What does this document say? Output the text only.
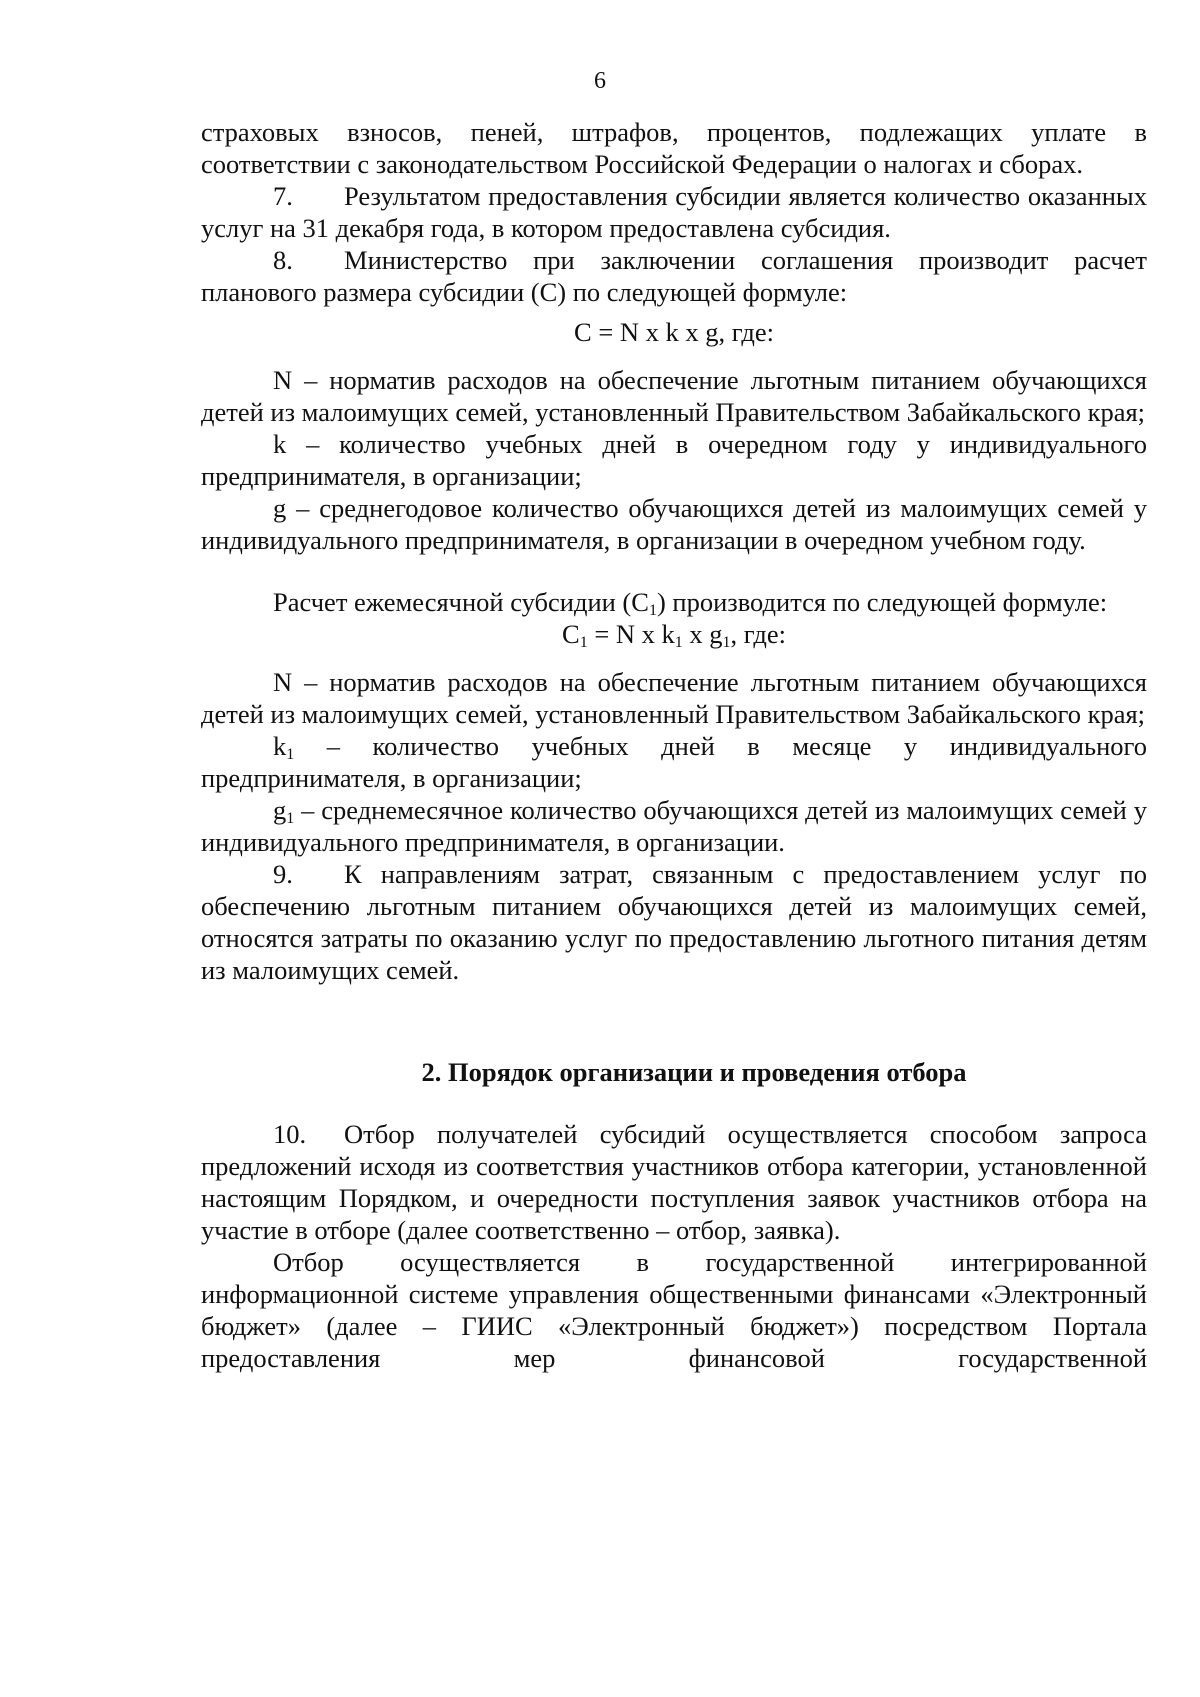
6

страховых взносов, пеней, штрафов, процентов, подлежащих уплате в соответствии с законодательством Российской Федерации о налогах и сборах.

7. Результатом предоставления субсидии является количество оказанных услуг на 31 декабря года, в котором предоставлена субсидия.

8. Министерство при заключении соглашения производит расчет планового размера субсидии (C) по следующей формуле:

C = N x k x g, где:

N – норматив расходов на обеспечение льготным питанием обучающихся детей из малоимущих семей, установленный Правительством Забайкальского края;

k – количество учебных дней в очередном году у индивидуального предпринимателя, в организации;

g – среднегодовое количество обучающихся детей из малоимущих семей у индивидуального предпринимателя, в организации в очередном учебном году.

Расчет ежемесячной субсидии $(C_1)$ производится по следующей формуле:

$C_1 = N$ x $k_1$ x $g_1$, где:

N – норматив расходов на обеспечение льготным питанием обучающихся детей из малоимущих семей, установленный Правительством Забайкальского края;

$k_1$ – количество учебных дней в месяце у индивидуального предпринимателя, в организации;

$g_1$ – среднемесячное количество обучающихся детей из малоимущих семей у индивидуального предпринимателя, в организации.

9. К направлениям затрат, связанным с предоставлением услуг по обеспечению льготным питанием обучающихся детей из малоимущих семей, относятся затраты по оказанию услуг по предоставлению льготного питания детям из малоимущих семей.

2. Порядок организации и проведения отбора

10. Отбор получателей субсидий осуществляется способом запроса предложений исходя из соответствия участников отбора категории, установленной настоящим Порядком, и очередности поступления заявок участников отбора на участие в отборе (далее соответственно – отбор, заявка).

Отбор осуществляется в государственной интегрированной информационной системе управления общественными финансами «Электронный бюджет» (далее – ГИИС «Электронный бюджет») посредством Портала предоставления мер финансовой государственной
